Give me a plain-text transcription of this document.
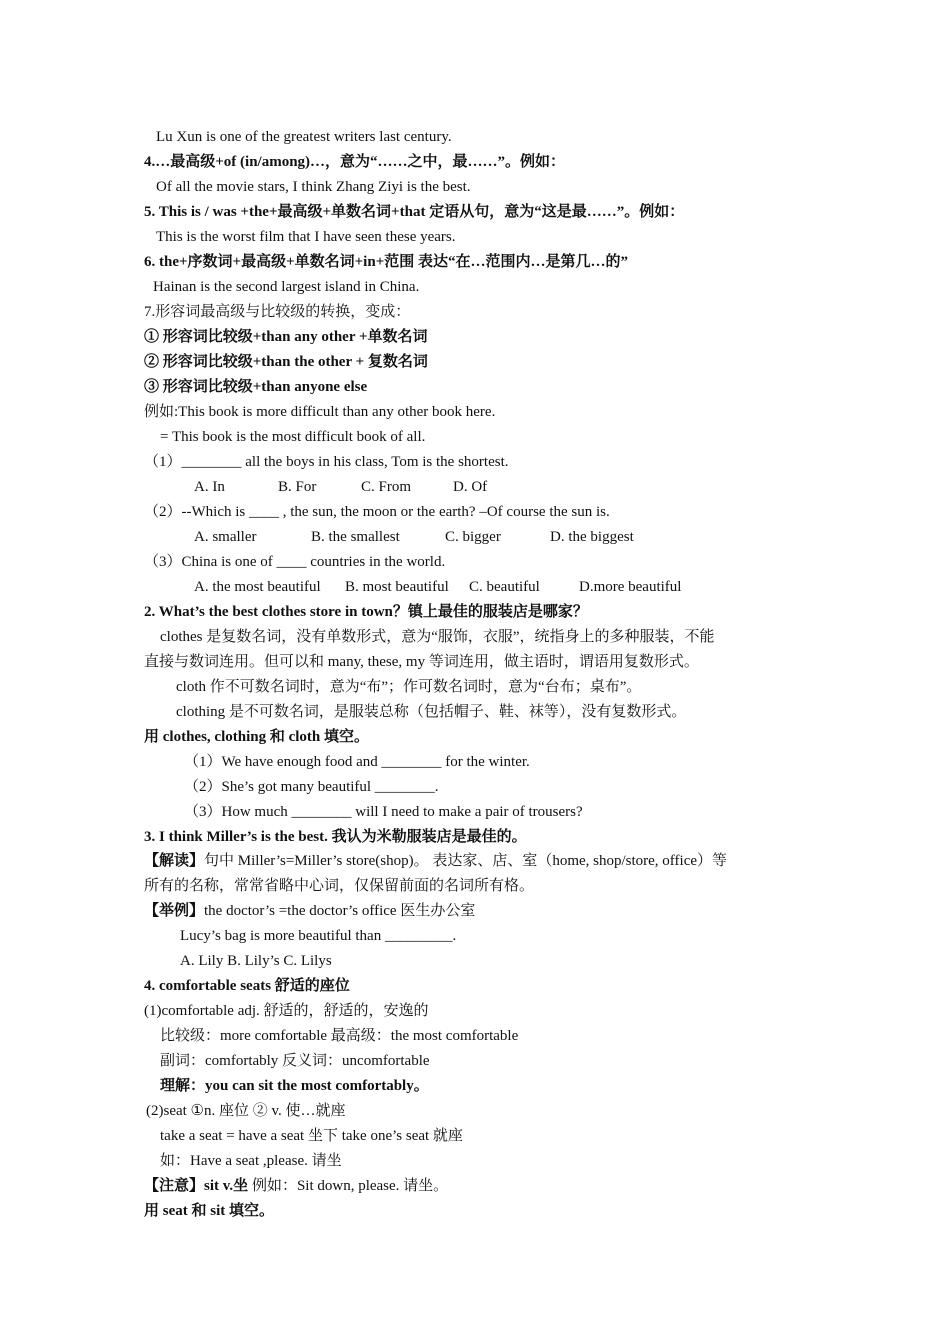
Lu Xun is one of the greatest writers last century.
4.…最高级+of (in/among)…，意为“……之中，最……”。例如：
Of all the movie stars, I think Zhang Ziyi is the best.
5. This is / was +the+最高级+单数名词+that 定语从句，意为“这是最……”。例如：
This is the worst film that I have seen these years.
6. the+序数词+最高级+单数名词+in+范围 表达“在…范围内…是第几…的”
Hainan is the second largest island in China.
7.形容词最高级与比较级的转换，变成：
① 形容词比较级+than any other +单数名词
② 形容词比较级+than the other + 复数名词
③ 形容词比较级+than anyone else
例如:This book is more difficult than any other book here.
= This book is the most difficult book of all.
（1）________ all the boys in his class, Tom is the shortest.
A. In	B. For	C. From	D. Of
（2）--Which is ____ , the sun, the moon or the earth? –Of course the sun is.
A. smaller	B. the smallest	C. bigger	D. the biggest
（3）China is one of ____ countries in the world.
A. the most beautiful B. most beautiful C. beautiful	D.more beautiful
2. What’s the best clothes store in town？镇上最佳的服装店是哪家？
clothes 是复数名词，没有单数形式，意为“服饰，衣服”，统指身上的多种服装，不能
直接与数词连用。但可以和 many, these, my 等词连用，做主语时，谓语用复数形式。
cloth 作不可数名词时，意为“布”；作可数名词时，意为“台布；桌布”。
clothing 是不可数名词，是服装总称（包括帽子、鞋、袜等），没有复数形式。
用 clothes, clothing 和 cloth 填空。
（1）We have enough food and ________ for the winter.
（2）She’s got many beautiful ________.
（3）How much ________ will I need to make a pair of trousers?
3. I think Miller’s is the best. 我认为米勒服装店是最佳的。
【解读】句中 Miller’s=Miller’s store(shop)。 表达家、店、室（home, shop/store, office）等
所有的名称，常常省略中心词，仅保留前面的名词所有格。
【举例】the doctor’s =the doctor’s office 医生办公室
Lucy’s bag is more beautiful than _________.
A. Lily B. Lily’s C. Lilys
4. comfortable seats 舒适的座位
(1)comfortable adj. 舒适的，舒适的，安逸的
比较级：more comfortable 最高级：the most comfortable
副词：comfortably 反义词：uncomfortable
理解：you can sit the most comfortably。
(2)seat ①n. 座位 ② v. 使…就座
take a seat = have a seat 坐下 take one’s seat 就座
如：Have a seat ,please. 请坐
【注意】sit v.坐 例如：Sit down, please. 请坐。
用 seat 和 sit 填空。
